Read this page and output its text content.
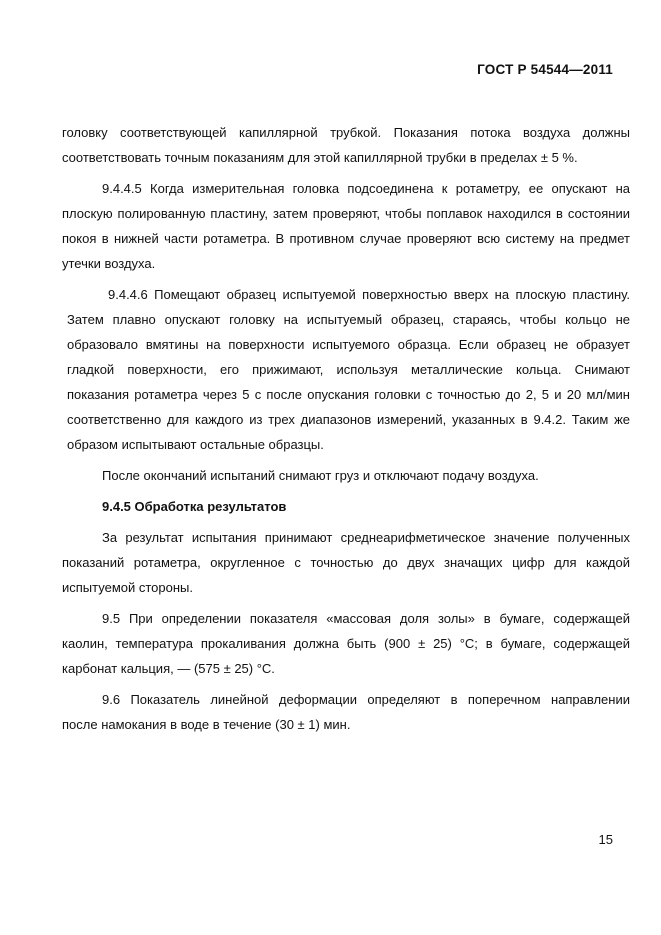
ГОСТ Р 54544—2011
головку соответствующей капиллярной трубкой. Показания потока воздуха должны
соответствовать точным показаниям для этой капиллярной трубки в пределах ± 5 %.
9.4.4.5 Когда измерительная головка подсоединена к ротаметру, ее опускают на
плоскую полированную пластину, затем проверяют, чтобы поплавок находился в состоянии
покоя в нижней части ротаметра. В противном случае проверяют всю систему на предмет
утечки воздуха.
9.4.4.6 Помещают образец испытуемой поверхностью вверх на плоскую пластину.
Затем плавно опускают головку на испытуемый образец, стараясь, чтобы кольцо не
образовало вмятины на поверхности испытуемого образца. Если образец не образует
гладкой поверхности, его прижимают, используя металлические кольца. Снимают
показания ротаметра через 5 с после опускания головки с точностью до 2, 5 и 20 мл/мин
соответственно для каждого из трех диапазонов измерений, указанных в 9.4.2. Таким же
образом испытывают остальные образцы.
После окончаний испытаний снимают груз и отключают подачу воздуха.
9.4.5 Обработка результатов
За результат испытания принимают среднеарифметическое значение полученных
показаний ротаметра, округленное с точностью до двух значащих цифр для каждой
испытуемой стороны.
9.5 При определении показателя «массовая доля золы» в бумаге, содержащей
каолин, температура прокаливания должна быть (900 ± 25) °С; в бумаге, содержащей
карбонат кальция, — (575 ± 25) °С.
9.6 Показатель линейной деформации определяют в поперечном направлении
после намокания в воде в течение (30 ± 1) мин.
15
